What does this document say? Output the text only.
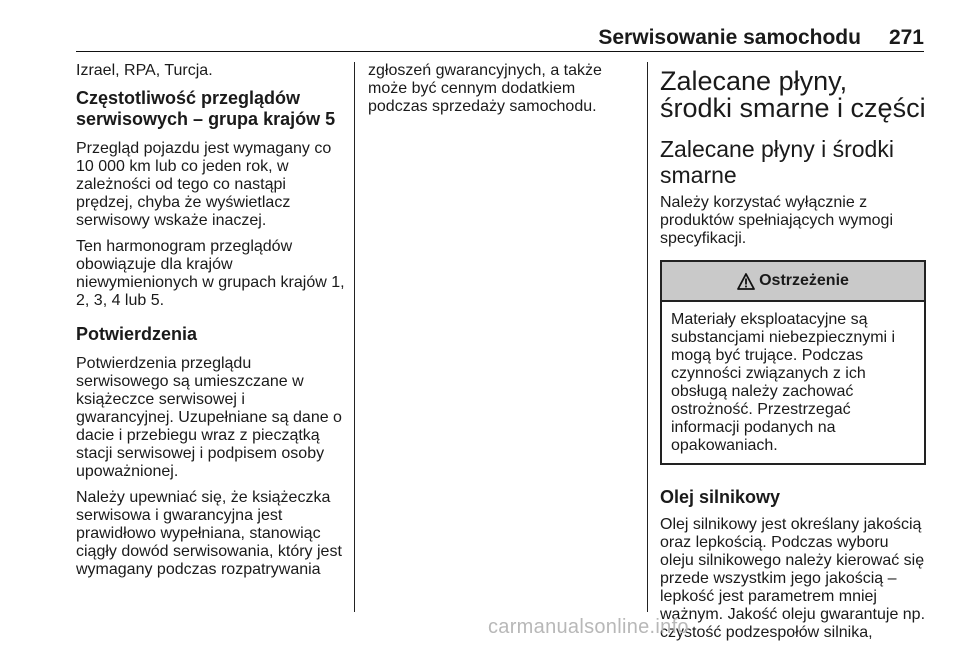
Serwisowanie samochodu 271

Izrael, RPA, Turcja.

Częstotliwość przeglądów serwisowych – grupa krajów 5

Przegląd pojazdu jest wymagany co 10 000 km lub co jeden rok, w zależności od tego co nastąpi prędzej, chyba że wyświetlacz serwisowy wskaże inaczej.

Ten harmonogram przeglądów obowiązuje dla krajów niewymienionych w grupach krajów 1, 2, 3, 4 lub 5.

Potwierdzenia

Potwierdzenia przeglądu serwisowego są umieszczane w książeczce serwisowej i gwarancyjnej. Uzupełniane są dane o dacie i przebiegu wraz z pieczątką stacji serwisowej i podpisem osoby upoważnionej.

Należy upewniać się, że książeczka serwisowa i gwarancyjna jest prawidłowo wypełniana, stanowiąc ciągły dowód serwisowania, który jest wymagany podczas rozpatrywania

zgłoszeń gwarancyjnych, a także może być cennym dodatkiem podczas sprzedaży samochodu.

Zalecane płyny, środki smarne i części
Zalecane płyny i środki smarne

Należy korzystać wyłącznie z produktów spełniających wymogi specyfikacji.

Ostrzeżenie
Materiały eksploatacyjne są substancjami niebezpiecznymi i mogą być trujące. Podczas czynności związanych z ich obsługą należy zachować ostrożność. Przestrzegać informacji podanych na opakowaniach.
Olej silnikowy

Olej silnikowy jest określany jakością oraz lepkością. Podczas wyboru oleju silnikowego należy kierować się przede wszystkim jego jakością – lepkość jest parametrem mniej ważnym. Jakość oleju gwarantuje np. czystość podzespołów silnika,

carmanualsonline.info
